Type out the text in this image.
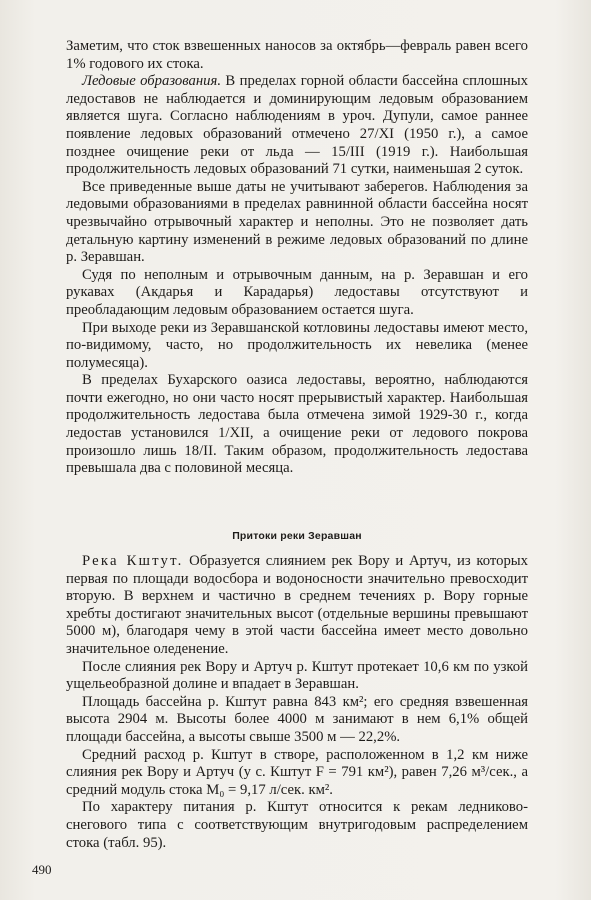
Заметим, что сток взвешенных наносов за октябрь—февраль равен всего 1% годового их стока.

Ледовые образования. В пределах горной области бассейна сплошных ледоставов не наблюдается и доминирующим ледовым образованием является шуга. Согласно наблюдениям в уроч. Дупули, самое раннее появление ледовых образований отмечено 27/XI (1950 г.), а самое позднее очищение реки от льда — 15/III (1919 г.). Наибольшая продолжительность ледовых образований 71 сутки, наименьшая 2 суток.

Все приведенные выше даты не учитывают заберегов. Наблюдения за ледовыми образованиями в пределах равнинной области бассейна носят чрезвычайно отрывочный характер и неполны. Это не позволяет дать детальную картину изменений в режиме ледовых образований по длине р. Зеравшан.

Судя по неполным и отрывочным данным, на р. Зеравшан и его рукавах (Акдарья и Карадарья) ледоставы отсутствуют и преобладающим ледовым образованием остается шуга.

При выходе реки из Зеравшанской котловины ледоставы имеют место, по-видимому, часто, но продолжительность их невелика (менее полумесяца).

В пределах Бухарского оазиса ледоставы, вероятно, наблюдаются почти ежегодно, но они часто носят прерывистый характер. Наибольшая продолжительность ледостава была отмечена зимой 1929-30 г., когда ледостав установился 1/XII, а очищение реки от ледового покрова произошло лишь 18/II. Таким образом, продолжительность ледостава превышала два с половиной месяца.

Притоки реки Зеравшан

Река Кштут. Образуется слиянием рек Вору и Артуч, из которых первая по площади водосбора и водоносности значительно превосходит вторую. В верхнем и частично в среднем течениях р. Вору горные хребты достигают значительных высот (отдельные вершины превышают 5000 м), благодаря чему в этой части бассейна имеет место довольно значительное оледенение.

После слияния рек Вору и Артуч р. Кштут протекает 10,6 км по узкой ущельеобразной долине и впадает в Зеравшан.

Площадь бассейна р. Кштут равна 843 км²; его средняя взвешенная высота 2904 м. Высоты более 4000 м занимают в нем 6,1% общей площади бассейна, а высоты свыше 3500 м — 22,2%.

Средний расход р. Кштут в створе, расположенном в 1,2 км ниже слияния рек Вору и Артуч (у с. Кштут F = 791 км²), равен 7,26 м³/сек., а средний модуль стока M₀ = 9,17 л/сек. км².

По характеру питания р. Кштут относится к рекам ледниково-снегового типа с соответствующим внутригодовым распределением стока (табл. 95).

490
